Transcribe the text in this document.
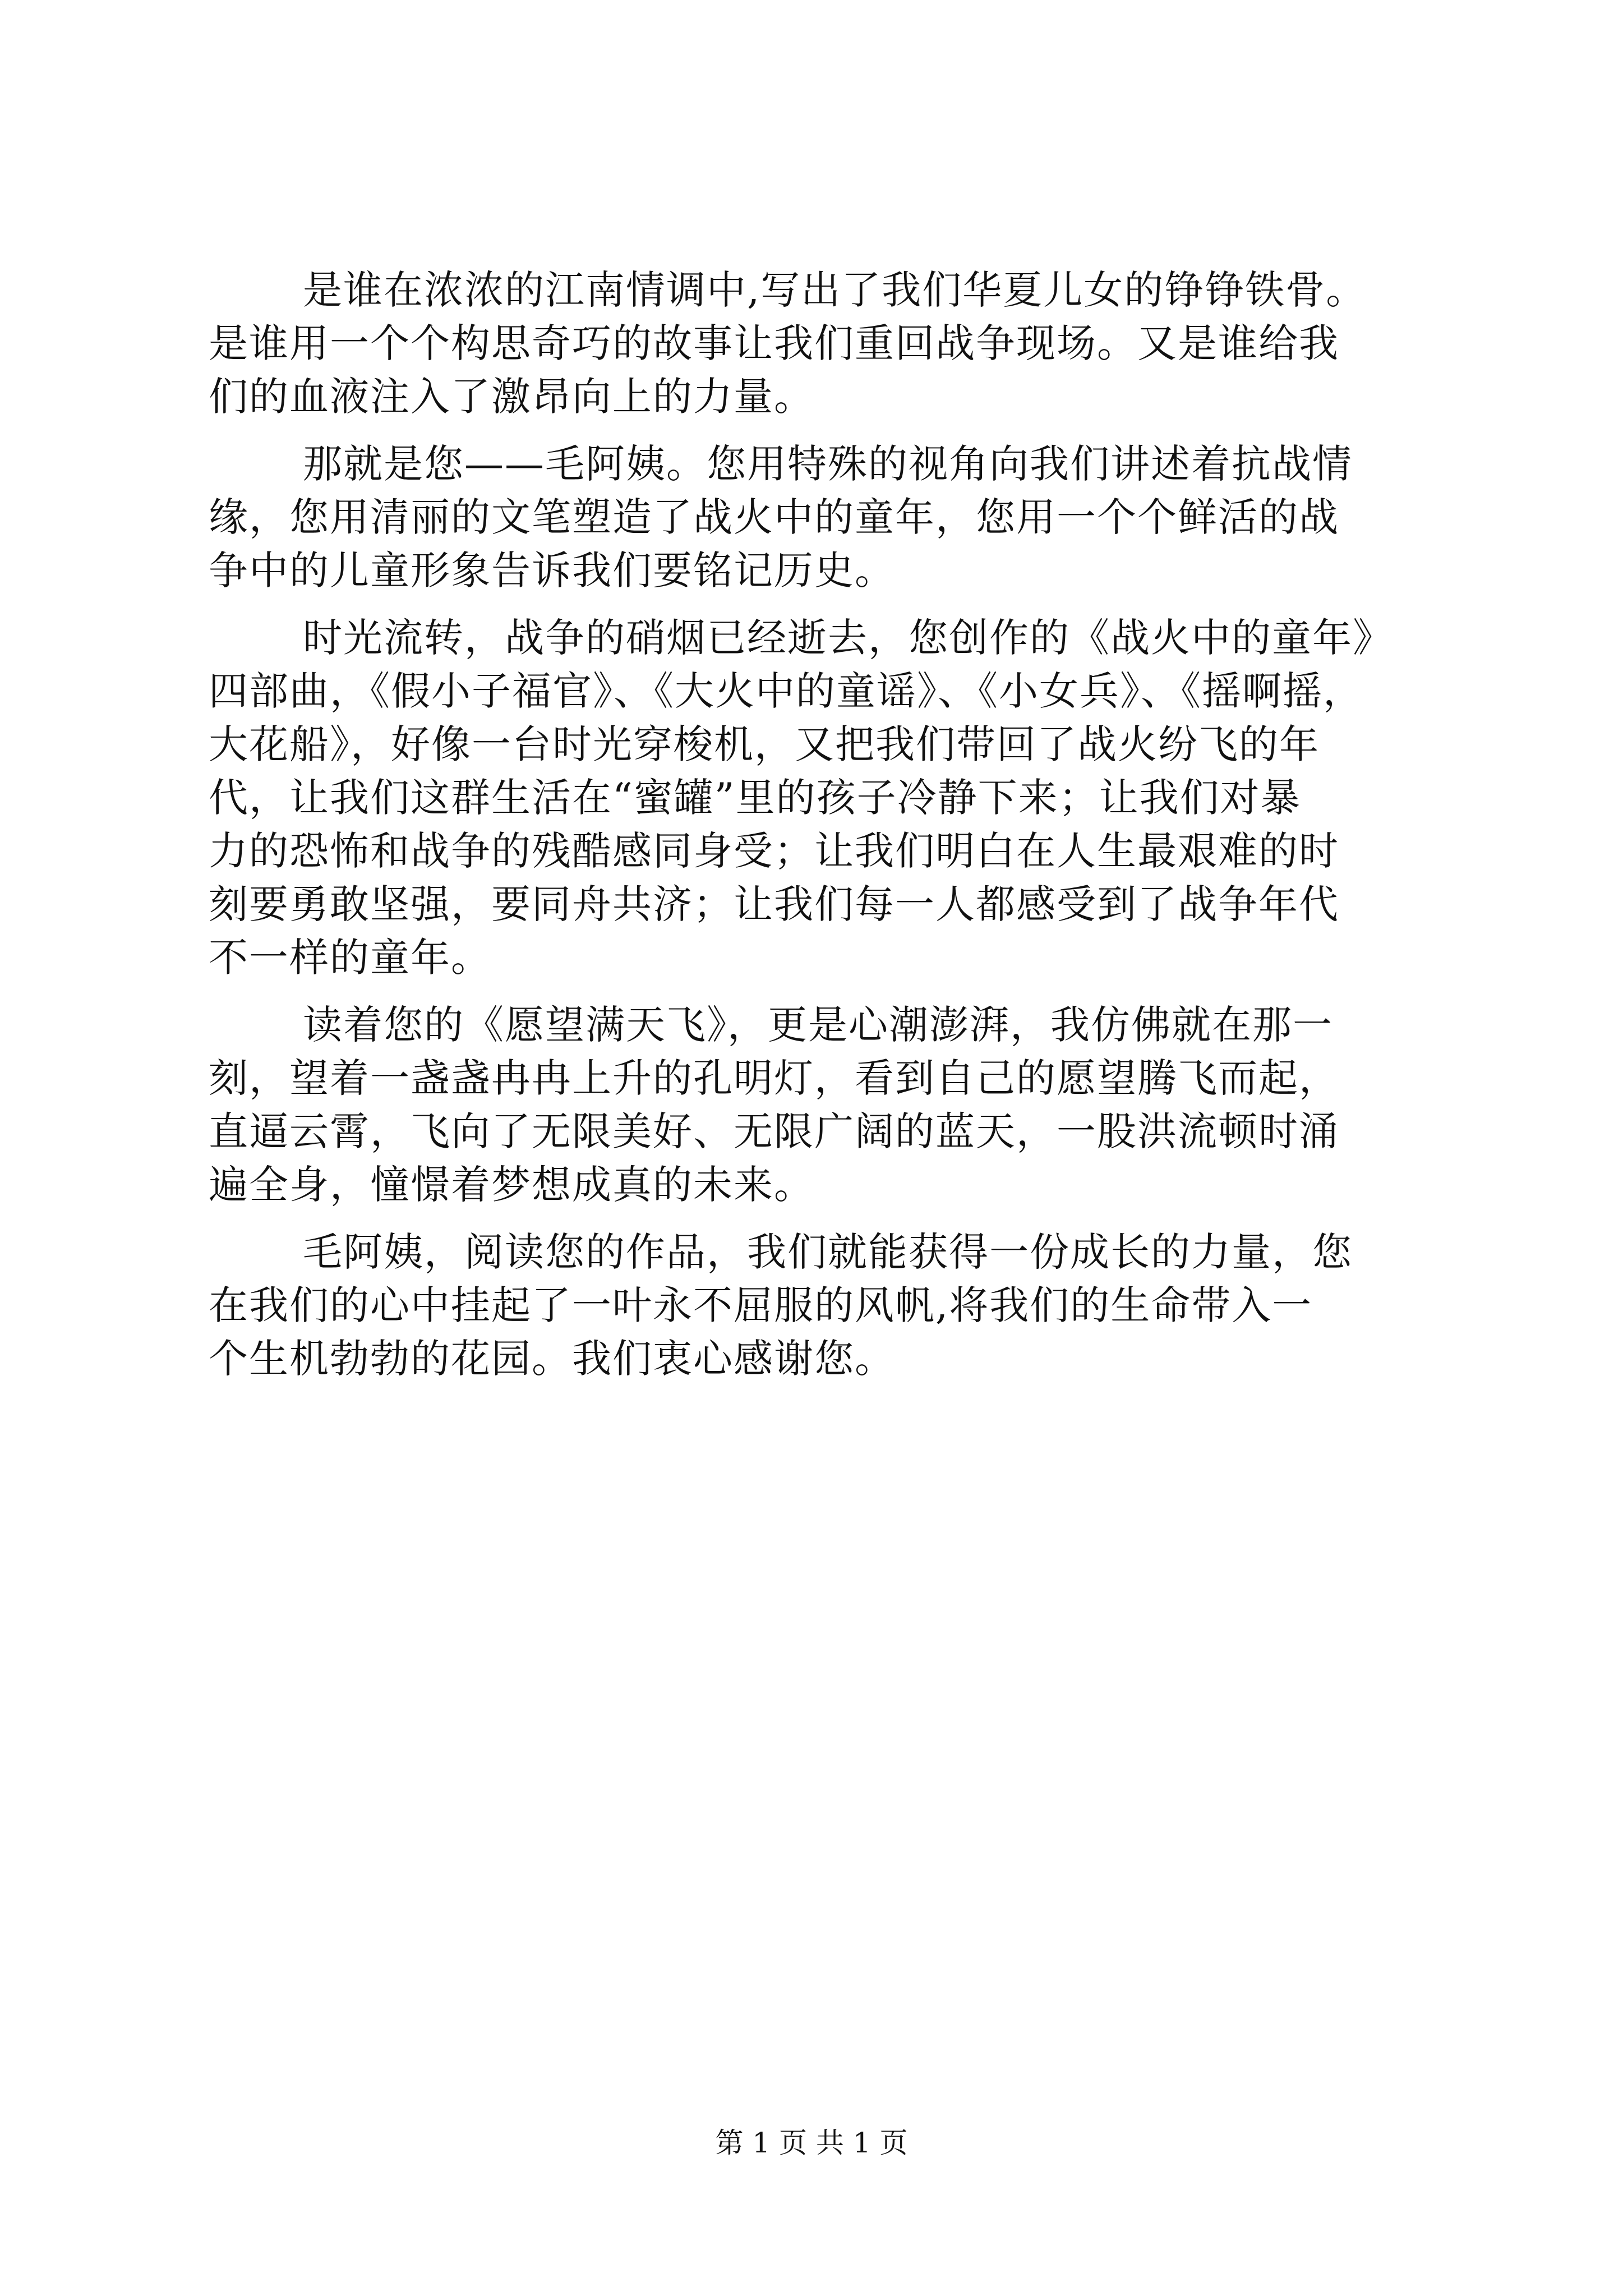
是谁在浓浓的江南情调中,写出了我们华夏儿女的铮铮铁骨。
是谁用一个个构思奇巧的故事让我们重回战争现场。又是谁给我
们的血液注入了激昂向上的力量。
那就是您——毛阿姨。您用特殊的视角向我们讲述着抗战情
缘，您用清丽的文笔塑造了战火中的童年，您用一个个鲜活的战
争中的儿童形象告诉我们要铭记历史。
时光流转，战争的硝烟已经逝去，您创作的《战火中的童年》
四部曲，《假小子福官》、《大火中的童谣》、《小女兵》、《摇啊摇，
大花船》，好像一台时光穿梭机，又把我们带回了战火纷飞的年
代，让我们这群生活在“蜜罐”里的孩子冷静下来；让我们对暴
力的恐怖和战争的残酷感同身受；让我们明白在人生最艰难的时
刻要勇敢坚强，要同舟共济；让我们每一人都感受到了战争年代
不一样的童年。
读着您的《愿望满天飞》，更是心潮澎湃，我仿佛就在那一
刻，望着一盏盏冉冉上升的孔明灯，看到自己的愿望腾飞而起，
直逼云霄，飞向了无限美好、无限广阔的蓝天，一股洪流顿时涌
遍全身，憧憬着梦想成真的未来。
毛阿姨，阅读您的作品，我们就能获得一份成长的力量，您
在我们的心中挂起了一叶永不屈服的风帆,将我们的生命带入一
个生机勃勃的花园。我们衷心感谢您。
第 1 页 共 1 页
